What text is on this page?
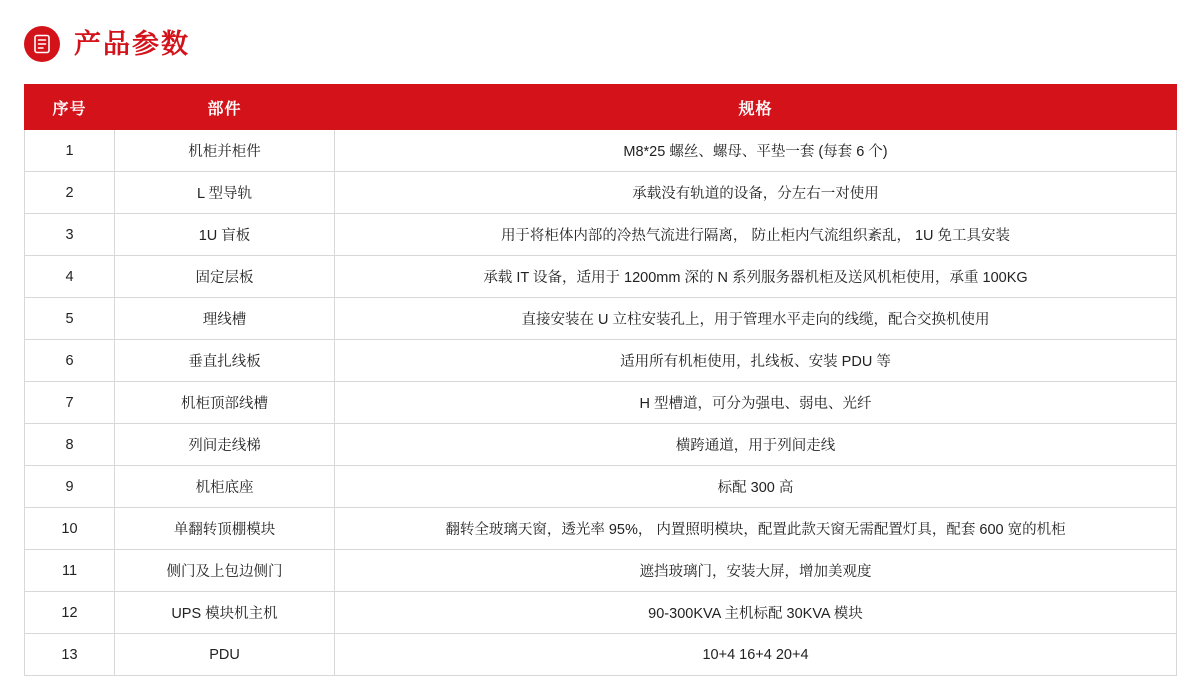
产品参数
序号	部件	规格
1	机柜并柜件	M8*25 螺丝、螺母、平垫一套 (每套 6 个)
2	L 型导轨	承载没有轨道的设备，分左右一对使用
3	1U 盲板	用于将柜体内部的冷热气流进行隔离， 防止柜内气流组织紊乱， 1U 免工具安装
4	固定层板	承载 IT 设备，适用于 1200mm 深的 N 系列服务器机柜及送风机柜使用，承重 100KG
5	理线槽	直接安装在 U 立柱安装孔上，用于管理水平走向的线缆，配合交换机使用
6	垂直扎线板	适用所有机柜使用，扎线板、安装 PDU 等
7	机柜顶部线槽	H 型槽道，可分为强电、弱电、光纤
8	列间走线梯	横跨通道，用于列间走线
9	机柜底座	标配 300 高
10	单翻转顶棚模块	翻转全玻璃天窗，透光率 95%， 内置照明模块，配置此款天窗无需配置灯具，配套 600 宽的机柜
11	侧门及上包边侧门	遮挡玻璃门，安装大屏，增加美观度
12	UPS 模块机主机	90-300KVA 主机标配 30KVA 模块
13	PDU	10+4 16+4 20+4
